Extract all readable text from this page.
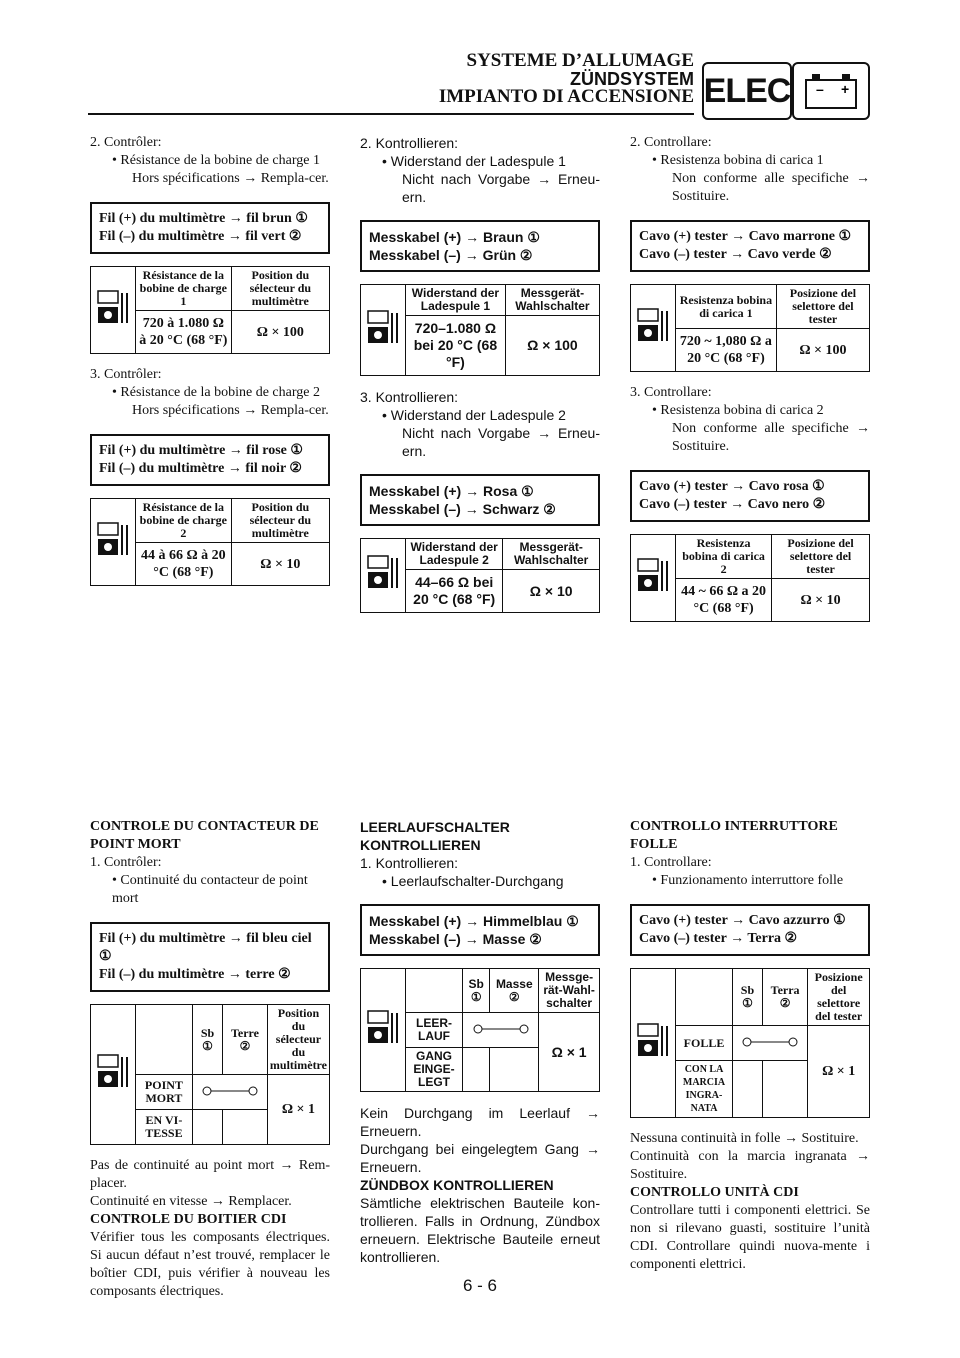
SYSTEME D’ALLUMAGE
ZÜNDSYSTEM
IMPIANTO DI ACCENSIONE ELEC – +
2. Contrôler:
• Résistance de la bobine de charge 1
Hors spécifications → Rempla-cer.
Fil (+) du multimètre → fil brun ①
Fil (–) du multimètre → fil vert ②
	Résistance de la bobine de charge 1	Position du sélecteur du multimètre
	720 à 1.080 Ω à 20 °C (68 °F)	Ω × 100
3. Contrôler:
• Résistance de la bobine de charge 2
Hors spécifications → Rempla-cer.
Fil (+) du multimètre → fil rose ①
Fil (–) du multimètre → fil noir ②
	Résistance de la bobine de charge 2	Position du sélecteur du multimètre
	44 à 66 Ω à 20 °C (68 °F)	Ω × 10
CONTROLE DU CONTACTEUR DE POINT MORT
1. Contrôler:
• Continuité du contacteur de point mort
Fil (+) du multimètre → fil bleu ciel ①
Fil (–) du multimètre → terre ②
		Sb ①	Terre ②	Position du sélecteur du multimètre
	POINT MORT			Ω × 1
	EN VI-TESSE			
Pas de continuité au point mort → Rem-placer.
Continuité en vitesse → Remplacer.
CONTROLE DU BOITIER CDI
Vérifier tous les composants électriques. Si aucun défaut n’est trouvé, remplacer le boîtier CDI, puis vérifier à nouveau les composants électriques.
2. Kontrollieren:
• Widerstand der Ladespule 1
Nicht nach Vorgabe → Erneu-ern.
Messkabel (+) → Braun ①
Messkabel (–) → Grün ②
	Widerstand der Ladespule 1	Messgerät-Wahlschalter
	720–1.080 Ω bei 20 °C (68 °F)	Ω × 100
3. Kontrollieren:
• Widerstand der Ladespule 2
Nicht nach Vorgabe → Erneu-ern.
Messkabel (+) → Rosa ①
Messkabel (–) → Schwarz ②
	Widerstand der Ladespule 2	Messgerät-Wahlschalter
	44–66 Ω bei 20 °C (68 °F)	Ω × 10
LEERLAUFSCHALTER KONTROLLIEREN
1. Kontrollieren:
• Leerlaufschalter-Durchgang
Messkabel (+) → Himmelblau ①
Messkabel (–) → Masse ②
		Sb ①	Masse ②	Messge-rät-Wahl-schalter
	LEER-LAUF			Ω × 1
	GANG EINGE-LEGT			
Kein Durchgang im Leerlauf → Erneuern.
Durchgang bei eingelegtem Gang → Erneuern.
ZÜNDBOX KONTROLLIEREN
Sämtliche elektrischen Bauteile kon-trollieren. Falls in Ordnung, Zündbox erneuern. Elektrische Bauteile erneut kontrollieren.
2. Controllare:
• Resistenza bobina di carica 1
Non conforme alle specifiche → Sostituire.
Cavo (+) tester → Cavo marrone ①
Cavo (–) tester → Cavo verde ②
	Resistenza bobina di carica 1	Posizione del selettore del tester
	720 ~ 1,080 Ω a 20 °C (68 °F)	Ω × 100
3. Controllare:
• Resistenza bobina di carica 2
Non conforme alle specifiche → Sostituire.
Cavo (+) tester → Cavo rosa ①
Cavo (–) tester → Cavo nero ②
	Resistenza bobina di carica 2	Posizione del selettore del tester
	44 ~ 66 Ω a 20 °C (68 °F)	Ω × 10
CONTROLLO INTERRUTTORE FOLLE
1. Controllare:
• Funzionamento interruttore folle
Cavo (+) tester → Cavo azzurro ①
Cavo (–) tester → Terra ②
		Sb ①	Terra ②	Posizione del selettore del tester
	FOLLE			Ω × 1
	CON LA MARCIA INGRA-NATA			
Nessuna continuità in folle → Sostituire.
Continuità con la marcia ingranata → Sostituire.
CONTROLLO UNITÀ CDI
Controllare tutti i componenti elettrici. Se non si rilevano guasti, sostituire l’unità CDI. Controllare quindi nuova-mente i componenti elettrici.
6 - 6
